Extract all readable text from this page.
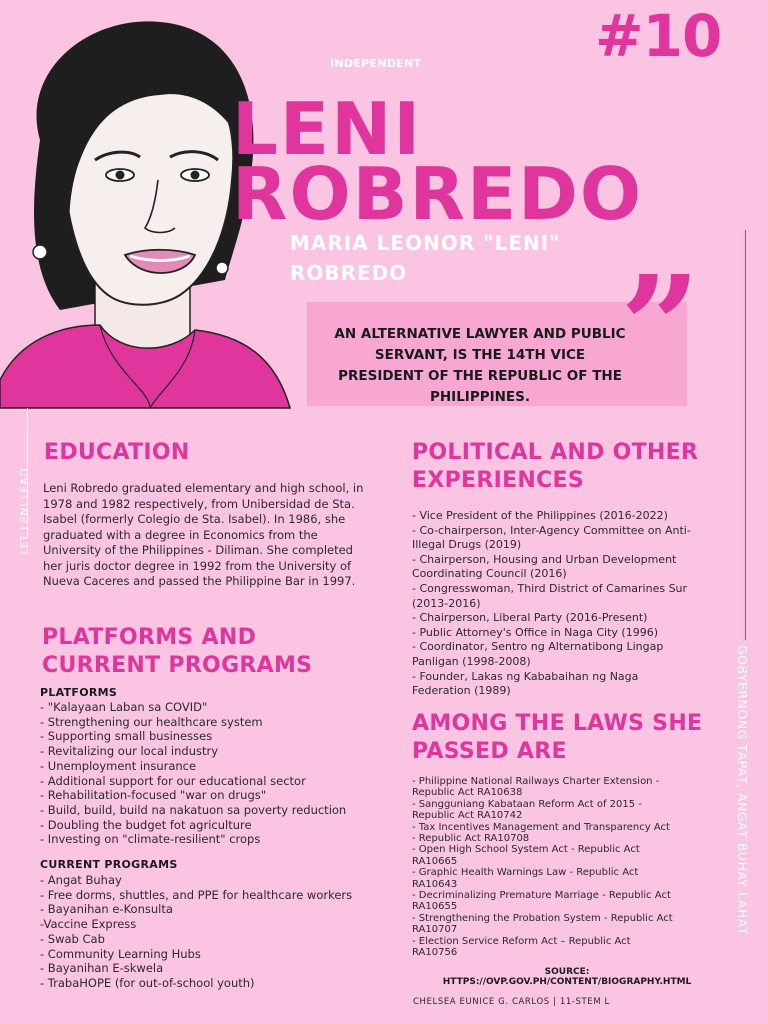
#10
INDEPENDENT
LENI
ROBREDO
MARIA LEONOR "LENI"
ROBREDO	”
AN ALTERNATIVE LAWYER AND PUBLIC SERVANT, IS THE 14TH VICE PRESIDENT OF THE REPUBLIC OF THE PHILIPPINES.
LET LENI LEAD
GOBYERNONG TAPAT, ANGAT BUHAY LAHAT
EDUCATION
Leni Robredo graduated elementary and high school, in 1978 and 1982 respectively, from Unibersidad de Sta. Isabel (formerly Colegio de Sta. Isabel). In 1986, she graduated with a degree in Economics from the University of the Philippines - Diliman. She completed her juris doctor degree in 1992 from the University of Nueva Caceres and passed the Philippine Bar in 1997.
PLATFORMS AND
CURRENT PROGRAMS
PLATFORMS
- "Kalayaan Laban sa COVID"
- Strengthening our healthcare system
- Supporting small businesses
- Revitalizing our local industry
- Unemployment insurance
- Additional support for our educational sector
- Rehabilitation-focused "war on drugs"
- Build, build, build na nakatuon sa poverty reduction
- Doubling the budget fot agriculture
- Investing on "climate-resilient" crops
CURRENT PROGRAMS
- Angat Buhay
- Free dorms, shuttles, and PPE for healthcare workers
- Bayanihan e-Konsulta
-Vaccine Express
- Swab Cab
- Community Learning Hubs
- Bayanihan E-skwela
- TrabaHOPE (for out-of-school youth)
POLITICAL AND OTHER
EXPERIENCES
- Vice President of the Philippines (2016-2022)
- Co-chairperson, Inter-Agency Committee on Anti-
Illegal Drugs (2019)
- Chairperson, Housing and Urban Development
Coordinating Council (2016)
- Congresswoman, Third District of Camarines Sur
(2013-2016)
- Chairperson, Liberal Party (2016-Present)
- Public Attorney's Office in Naga City (1996)
- Coordinator, Sentro ng Alternatibong Lingap
Panligan (1998-2008)
- Founder, Lakas ng Kababaihan ng Naga
Federation (1989)
AMONG THE LAWS SHE
PASSED ARE
- Philippine National Railways Charter Extension -
Republic Act RA10638
- Sangguniang Kabataan Reform Act of 2015 -
Republic Act RA10742
- Tax Incentives Management and Transparency Act
- Republic Act RA10708
- Open High School System Act - Republic Act
RA10665
- Graphic Health Warnings Law - Republic Act
RA10643
- Decriminalizing Premature Marriage - Republic Act
RA10655
- Strengthening the Probation System - Republic Act
RA10707
- Election Service Reform Act – Republic Act
RA10756
SOURCE:
HTTPS://OVP.GOV.PH/CONTENT/BIOGRAPHY.HTML
CHELSEA EUNICE G. CARLOS | 11-STEM L
